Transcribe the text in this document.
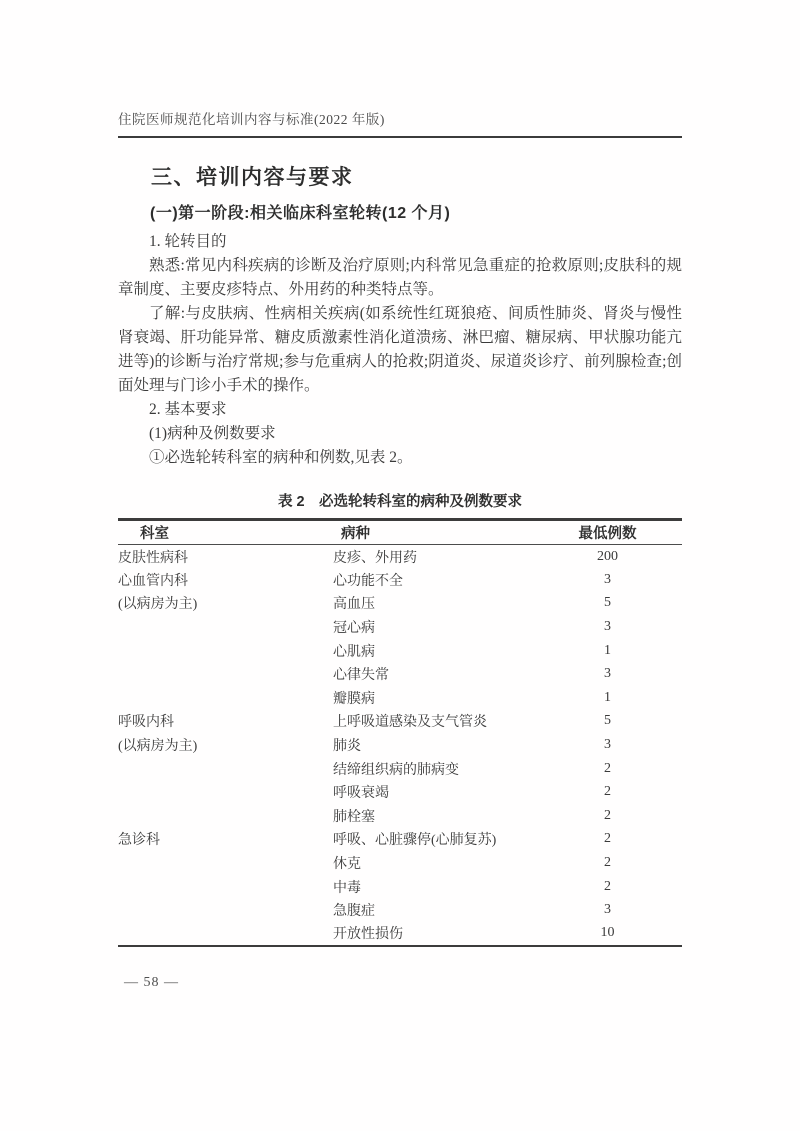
住院医师规范化培训内容与标准(2022 年版)
三、培训内容与要求
(一)第一阶段:相关临床科室轮转(12 个月)

1. 轮转目的

熟悉:常见内科疾病的诊断及治疗原则;内科常见急重症的抢救原则;皮肤科的规章制度、主要皮疹特点、外用药的种类特点等。

了解:与皮肤病、性病相关疾病(如系统性红斑狼疮、间质性肺炎、肾炎与慢性肾衰竭、肝功能异常、糖皮质激素性消化道溃疡、淋巴瘤、糖尿病、甲状腺功能亢进等)的诊断与治疗常规;参与危重病人的抢救;阴道炎、尿道炎诊疗、前列腺检查;创面处理与门诊小手术的操作。

2. 基本要求

(1)病种及例数要求

①必选轮转科室的病种和例数,见表 2。

表 2　必选轮转科室的病种及例数要求
科室	病种	最低例数
皮肤性病科	皮疹、外用药	200
心血管内科	心功能不全	3
(以病房为主)	高血压	5
	冠心病	3
	心肌病	1
	心律失常	3
	瓣膜病	1
呼吸内科	上呼吸道感染及支气管炎	5
(以病房为主)	肺炎	3
	结缔组织病的肺病变	2
	呼吸衰竭	2
	肺栓塞	2
急诊科	呼吸、心脏骤停(心肺复苏)	2
	休克	2
	中毒	2
	急腹症	3
	开放性损伤	10
— 58 —
